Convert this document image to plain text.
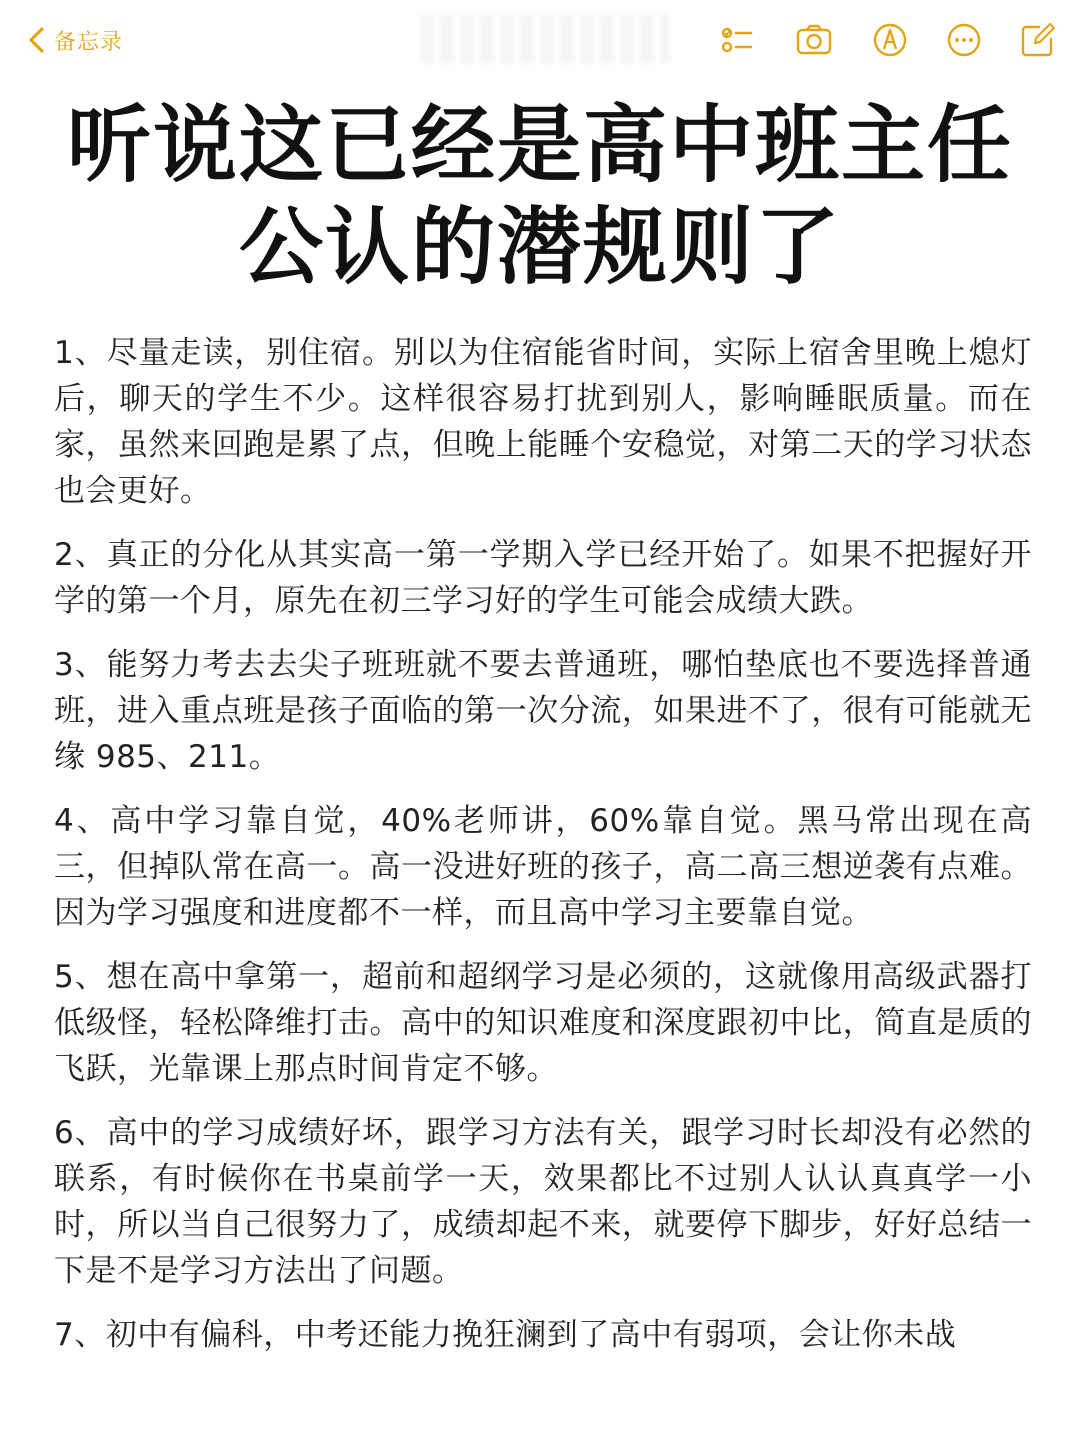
备忘录
听说这已经是高中班主任
公认的潜规则了

1、尽量走读，别住宿。别以为住宿能省时间，实际上宿舍里晚上熄灯后，聊天的学生不少。这样很容易打扰到别人，影响睡眠质量。而在家，虽然来回跑是累了点，但晚上能睡个安稳觉，对第二天的学习状态也会更好。

2、真正的分化从其实高一第一学期入学已经开始了。如果不把握好开学的第一个月，原先在初三学习好的学生可能会成绩大跌。

3、能努力考去去尖子班班就不要去普通班，哪怕垫底也不要选择普通班，进入重点班是孩子面临的第一次分流，如果进不了，很有可能就无缘 985、211。

4、高中学习靠自觉，40%老师讲，60%靠自觉。黑马常出现在高三，但掉队常在高一。高一没进好班的孩子，高二高三想逆袭有点难。因为学习强度和进度都不一样，而且高中学习主要靠自觉。

5、想在高中拿第一，超前和超纲学习是必须的，这就像用高级武器打低级怪，轻松降维打击。高中的知识难度和深度跟初中比，简直是质的飞跃，光靠课上那点时间肯定不够。

6、高中的学习成绩好坏，跟学习方法有关，跟学习时长却没有必然的联系，有时候你在书桌前学一天，效果都比不过别人认认真真学一小时，所以当自己很努力了，成绩却起不来，就要停下脚步，好好总结一下是不是学习方法出了问题。

7、初中有偏科，中考还能力挽狂澜到了高中有弱项，会让你未战
